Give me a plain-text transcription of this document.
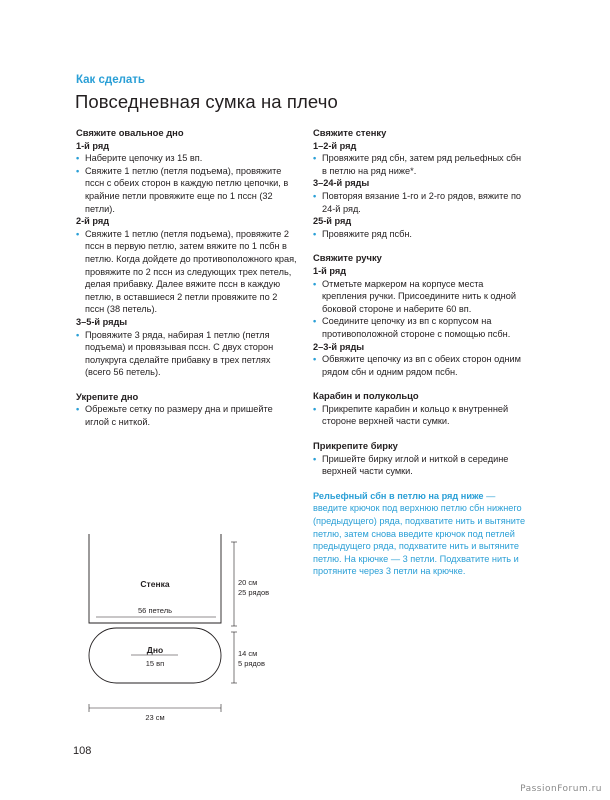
Как сделать
Повседневная сумка на плечо
Свяжите овальное дно
1-й ряд
• Наберите цепочку из 15 вп.
• Свяжите 1 петлю (петля подъема), провяжите пссн с обеих сторон в каждую петлю цепочки, в крайние петли провяжите еще по 1 пссн (32 петли).
2-й ряд
• Свяжите 1 петлю (петля подъема), провяжите 2 пссн в первую петлю, затем вяжите по 1 псбн в петлю. Когда дойдете до противоположного края, провяжите по 2 пссн из следующих трех петель, делая прибавку. Далее вяжите пссн в каждую петлю, в оставшиеся 2 петли провяжите по 2 пссн (38 петель).
3–5-й ряды
• Провяжите 3 ряда, набирая 1 петлю (петля подъема) и провязывая пссн. С двух сторон полукруга сделайте прибавку в трех петлях (всего 56 петель).
Укрепите дно
• Обрежьте сетку по размеру дна и пришейте иглой с ниткой.
Свяжите стенку
1–2-й ряд
• Провяжите ряд сбн, затем ряд рельефных сбн в петлю на ряд ниже*.
3–24-й ряды
• Повторяя вязание 1-го и 2-го рядов, вяжите по 24-й ряд.
25-й ряд
• Провяжите ряд псбн.
Свяжите ручку
1-й ряд
• Отметьте маркером на корпусе места крепления ручки. Присоедините нить к одной боковой стороне и наберите 60 вп.
• Соедините цепочку из вп с корпусом на противоположной стороне с помощью псбн.
2–3-й ряды
• Обвяжите цепочку из вп с обеих сторон одним рядом сбн и одним рядом псбн.
Карабин и полукольцо
• Прикрепите карабин и кольцо к внутренней стороне верхней части сумки.
Прикрепите бирку
• Пришейте бирку иглой и ниткой в середине верхней части сумки.
Рельефный сбн в петлю на ряд ниже — введите крючок под верхнюю петлю сбн нижнего (предыдущего) ряда, подхватите нить и вытяните петлю, затем снова введите крючок под петлей предыдущего ряда, подхватите нить и вытяните петлю. На крючке — 3 петли. Подхватите нить и протяните через 3 петли на крючке.
Стенка
56 петель
Дно
15 вп
20 см
25 рядов
14 см
5 рядов
23 см
108
PassionForum.ru
